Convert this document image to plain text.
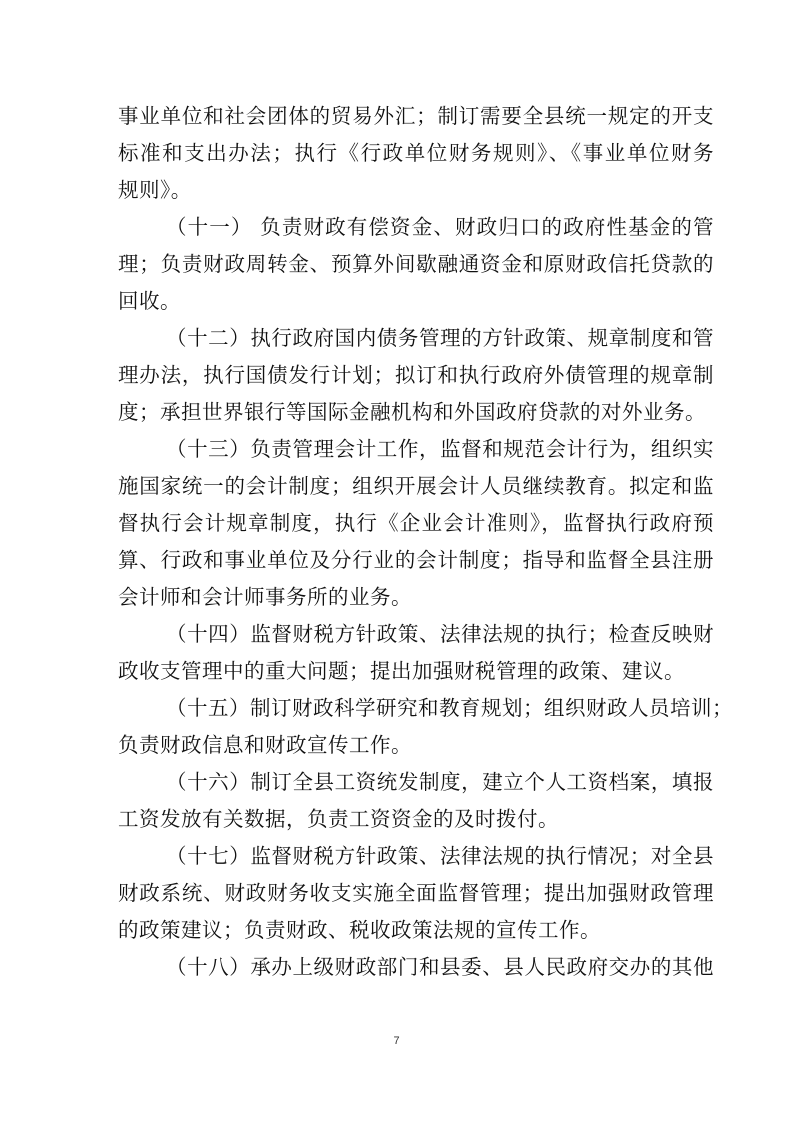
事业单位和社会团体的贸易外汇；制订需要全县统一规定的开支
标准和支出办法；执行《行政单位财务规则》、《事业单位财务
规则》。
（十一） 负责财政有偿资金、财政归口的政府性基金的管
理；负责财政周转金、预算外间歇融通资金和原财政信托贷款的
回收。
（十二）执行政府国内债务管理的方针政策、规章制度和管
理办法，执行国债发行计划；拟订和执行政府外债管理的规章制
度；承担世界银行等国际金融机构和外国政府贷款的对外业务。
（十三）负责管理会计工作，监督和规范会计行为，组织实
施国家统一的会计制度；组织开展会计人员继续教育。拟定和监
督执行会计规章制度，执行《企业会计准则》，监督执行政府预
算、行政和事业单位及分行业的会计制度；指导和监督全县注册
会计师和会计师事务所的业务。
（十四）监督财税方针政策、法律法规的执行；检查反映财
政收支管理中的重大问题；提出加强财税管理的政策、建议。
（十五）制订财政科学研究和教育规划；组织财政人员培训；
负责财政信息和财政宣传工作。
（十六）制订全县工资统发制度，建立个人工资档案，填报
工资发放有关数据，负责工资资金的及时拨付。
（十七）监督财税方针政策、法律法规的执行情况；对全县
财政系统、财政财务收支实施全面监督管理；提出加强财政管理
的政策建议；负责财政、税收政策法规的宣传工作。
（十八）承办上级财政部门和县委、县人民政府交办的其他
7
